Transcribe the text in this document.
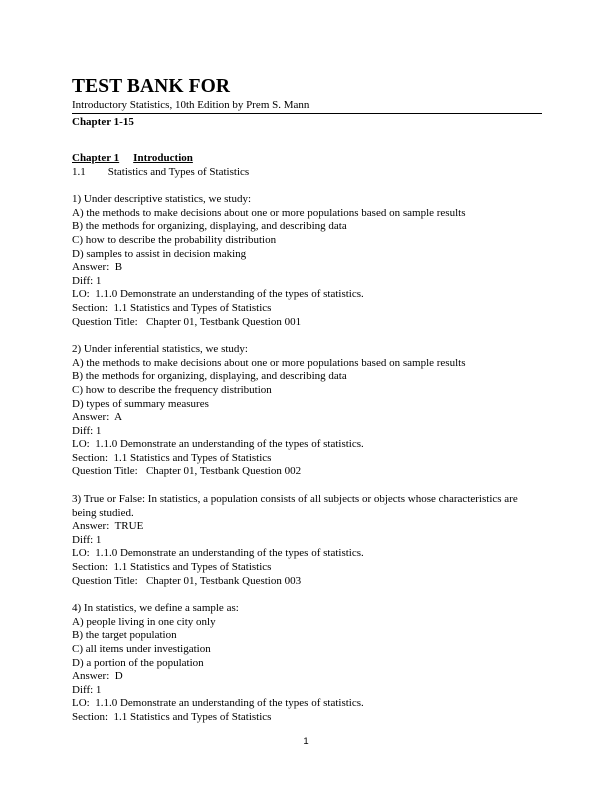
TEST BANK FOR

Introductory Statistics, 10th Edition by Prem S. Mann

Chapter 1-15

Chapter 1 Introduction

1.1 Statistics and Types of Statistics

1) Under descriptive statistics, we study:

A) the methods to make decisions about one or more populations based on sample results

B) the methods for organizing, displaying, and describing data

C) how to describe the probability distribution

D) samples to assist in decision making

Answer:  B

Diff: 1

LO:  1.1.0 Demonstrate an understanding of the types of statistics.

Section:  1.1 Statistics and Types of Statistics

Question Title:   Chapter 01, Testbank Question 001

2) Under inferential statistics, we study:

A) the methods to make decisions about one or more populations based on sample results

B) the methods for organizing, displaying, and describing data

C) how to describe the frequency distribution

D) types of summary measures

Answer:  A

Diff: 1

LO:  1.1.0 Demonstrate an understanding of the types of statistics.

Section:  1.1 Statistics and Types of Statistics

Question Title:   Chapter 01, Testbank Question 002

3) True or False: In statistics, a population consists of all subjects or objects whose characteristics are being studied.

Answer:  TRUE

Diff: 1

LO:  1.1.0 Demonstrate an understanding of the types of statistics.

Section:  1.1 Statistics and Types of Statistics

Question Title:   Chapter 01, Testbank Question 003

4) In statistics, we define a sample as:

A) people living in one city only

B) the target population

C) all items under investigation

D) a portion of the population

Answer:  D

Diff: 1

LO:  1.1.0 Demonstrate an understanding of the types of statistics.

Section:  1.1 Statistics and Types of Statistics

1
